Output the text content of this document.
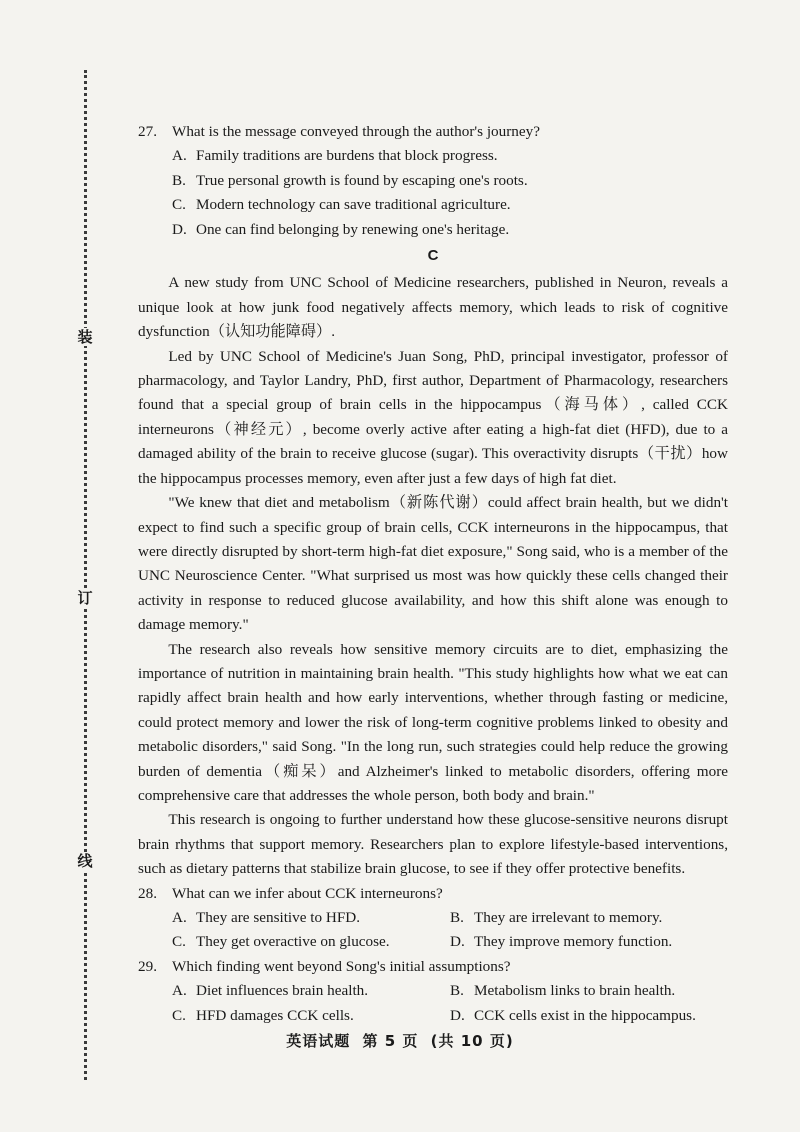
装
订
线

27. What is the message conveyed through the author's journey?

A. Family traditions are burdens that block progress.

B. True personal growth is found by escaping one's roots.

C. Modern technology can save traditional agriculture.

D. One can find belonging by renewing one's heritage.

C

A new study from UNC School of Medicine researchers, published in Neuron, reveals a unique look at how junk food negatively affects memory, which leads to risk of cognitive dysfunction（认知功能障碍）.

Led by UNC School of Medicine's Juan Song, PhD, principal investigator, professor of pharmacology, and Taylor Landry, PhD, first author, Department of Pharmacology, researchers found that a special group of brain cells in the hippocampus（海马体）, called CCK interneurons（神经元）, become overly active after eating a high-fat diet (HFD), due to a damaged ability of the brain to receive glucose (sugar). This overactivity disrupts（干扰）how the hippocampus processes memory, even after just a few days of high fat diet.

"We knew that diet and metabolism（新陈代谢）could affect brain health, but we didn't expect to find such a specific group of brain cells, CCK interneurons in the hippocampus, that were directly disrupted by short-term high-fat diet exposure," Song said, who is a member of the UNC Neuroscience Center. "What surprised us most was how quickly these cells changed their activity in response to reduced glucose availability, and how this shift alone was enough to damage memory."

The research also reveals how sensitive memory circuits are to diet, emphasizing the importance of nutrition in maintaining brain health. "This study highlights how what we eat can rapidly affect brain health and how early interventions, whether through fasting or medicine, could protect memory and lower the risk of long-term cognitive problems linked to obesity and metabolic disorders," said Song. "In the long run, such strategies could help reduce the growing burden of dementia（痴呆）and Alzheimer's linked to metabolic disorders, offering more comprehensive care that addresses the whole person, both body and brain."

This research is ongoing to further understand how these glucose-sensitive neurons disrupt brain rhythms that support memory. Researchers plan to explore lifestyle-based interventions, such as dietary patterns that stabilize brain glucose, to see if they offer protective benefits.

28. What can we infer about CCK interneurons?

A. They are sensitive to HFD.	B. They are irrelevant to memory.

C. They get overactive on glucose.	D. They improve memory function.

29. Which finding went beyond Song's initial assumptions?

A. Diet influences brain health.	B. Metabolism links to brain health.

C. HFD damages CCK cells.	D. CCK cells exist in the hippocampus.

英语试题 第 5 页 (共 10 页)
